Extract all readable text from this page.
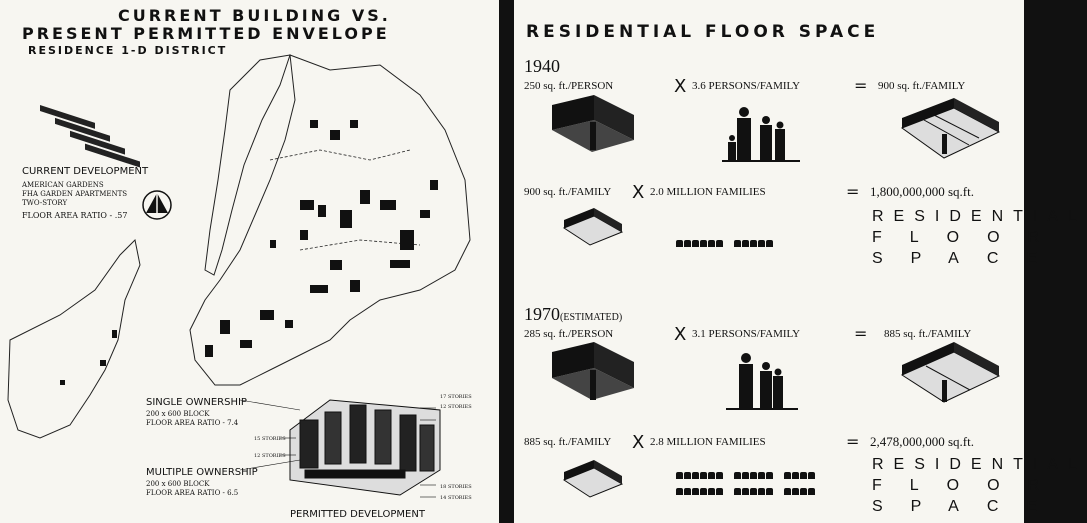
CURRENT BUILDING VS.
PRESENT PERMITTED ENVELOPE
RESIDENCE 1-D DISTRICT
CURRENT DEVELOPMENT
AMERICAN GARDENS
FHA GARDEN APARTMENTS
TWO-STORY
FLOOR AREA RATIO - .57
SINGLE OWNERSHIP
200 x 600 BLOCK
FLOOR AREA RATIO - 7.4
MULTIPLE OWNERSHIP
200 x 600 BLOCK
FLOOR AREA RATIO - 6.5
17 STORIES
12 STORIES
15 STORIES
12 STORIES
18 STORIES
14 STORIES
PERMITTED DEVELOPMENT
RESIDENTIAL FLOOR SPACE
1940
250 sq. ft./PERSON	X 3.6 PERSONS/FAMILY	= 900 sq. ft./FAMILY
900 sq. ft./FAMILY X 2.0 MILLION FAMILIES	= 1,800,000,000 sq.ft.

RESIDENTIAL
FLOOR
SPACE
1970(ESTIMATED)
285 sq. ft./PERSON	X 3.1 PERSONS/FAMILY	= 885 sq. ft./FAMILY
885 sq. ft./FAMILY X 2.8 MILLION FAMILIES	= 2,478,000,000 sq.ft.

RESIDENTIAL
FLOOR
SPACE
